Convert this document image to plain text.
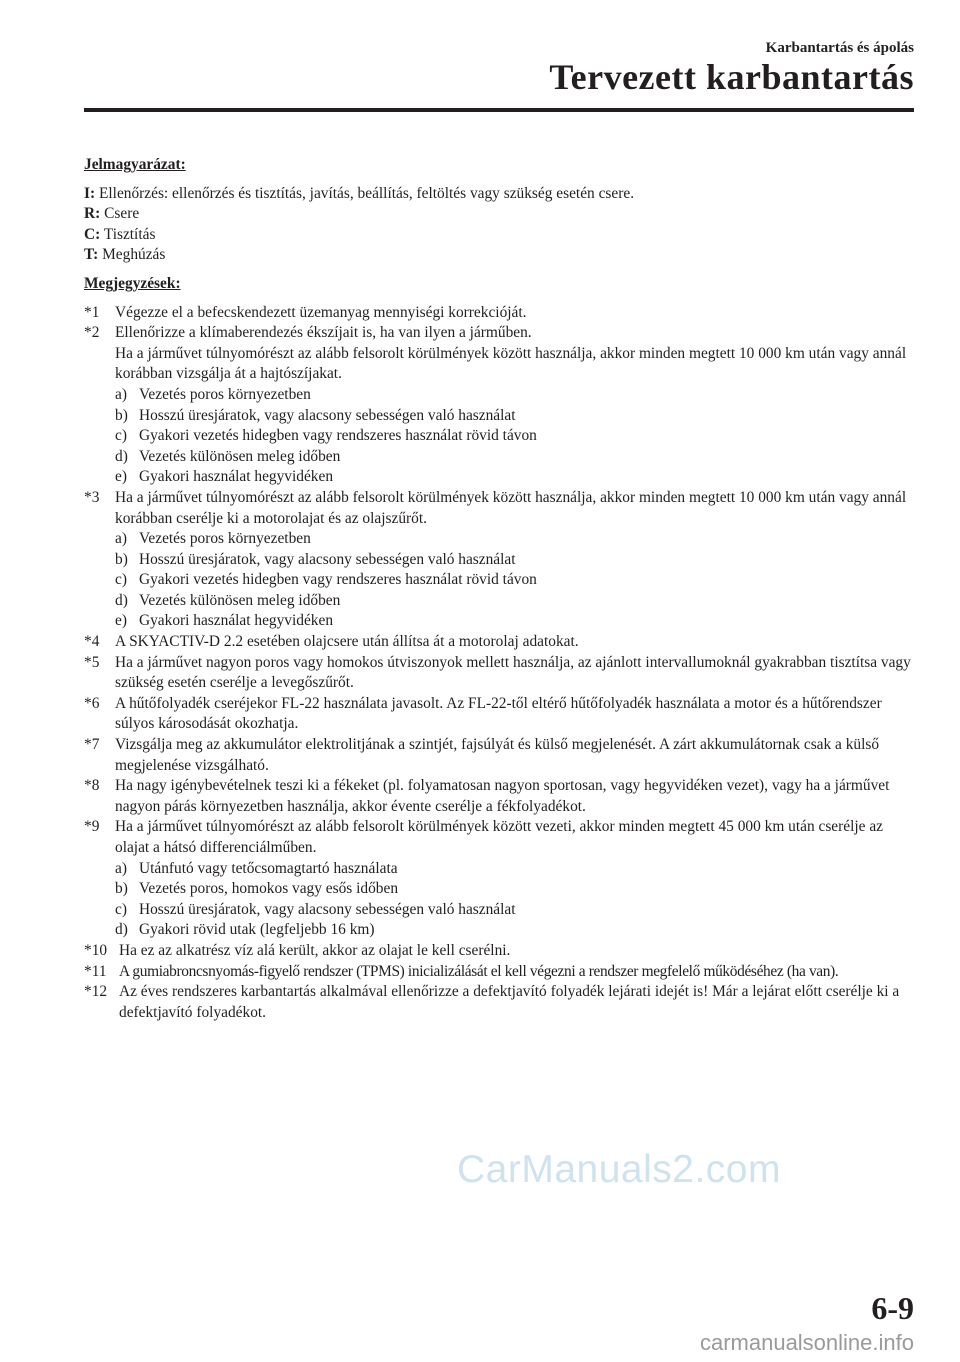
Karbantartás és ápolás
Tervezett karbantartás
Jelmagyarázat:
I: Ellenőrzés: ellenőrzés és tisztítás, javítás, beállítás, feltöltés vagy szükség esetén csere.
R: Csere
C: Tisztítás
T: Meghúzás
Megjegyzések:
*1	Végezze el a befecskendezett üzemanyag mennyiségi korrekcióját.
*2	Ellenőrizze a klímaberendezés ékszíjait is, ha van ilyen a járműben.
Ha a járművet túlnyomórészt az alább felsorolt körülmények között használja, akkor minden megtett 10 000 km után vagy annál korábban vizsgálja át a hajtószíjakat.
a) Vezetés poros környezetben
b) Hosszú üresjáratok, vagy alacsony sebességen való használat
c) Gyakori vezetés hidegben vagy rendszeres használat rövid távon
d) Vezetés különösen meleg időben
e) Gyakori használat hegyvidéken
*3	Ha a járművet túlnyomórészt az alább felsorolt körülmények között használja, akkor minden megtett 10 000 km után vagy annál korábban cserélje ki a motorolajat és az olajszűrőt.
a) Vezetés poros környezetben
b) Hosszú üresjáratok, vagy alacsony sebességen való használat
c) Gyakori vezetés hidegben vagy rendszeres használat rövid távon
d) Vezetés különösen meleg időben
e) Gyakori használat hegyvidéken
*4	A SKYACTIV-D 2.2 esetében olajcsere után állítsa át a motorolaj adatokat.
*5	Ha a járművet nagyon poros vagy homokos útviszonyok mellett használja, az ajánlott intervallumoknál gyakrabban tisztítsa vagy szükség esetén cserélje a levegőszűrőt.
*6	A hűtőfolyadék cseréjekor FL-22 használata javasolt. Az FL-22-től eltérő hűtőfolyadék használata a motor és a hűtőrendszer súlyos károsodását okozhatja.
*7	Vizsgálja meg az akkumulátor elektrolitjának a szintjét, fajsúlyát és külső megjelenését. A zárt akkumulátornak csak a külső megjelenése vizsgálható.
*8	Ha nagy igénybevételnek teszi ki a fékeket (pl. folyamatosan nagyon sportosan, vagy hegyvidéken vezet), vagy ha a járművet nagyon párás környezetben használja, akkor évente cserélje a fékfolyadékot.
*9	Ha a járművet túlnyomórészt az alább felsorolt körülmények között vezeti, akkor minden megtett 45 000 km után cserélje az olajat a hátsó differenciálműben.
a) Utánfutó vagy tetőcsomagtartó használata
b) Vezetés poros, homokos vagy esős időben
c) Hosszú üresjáratok, vagy alacsony sebességen való használat
d) Gyakori rövid utak (legfeljebb 16 km)
*10 Ha ez az alkatrész víz alá került, akkor az olajat le kell cserélni.
*11 A gumiabroncsnyomás-figyelő rendszer (TPMS) inicializálását el kell végezni a rendszer megfelelő működéséhez (ha van).
*12 Az éves rendszeres karbantartás alkalmával ellenőrizze a defektjavító folyadék lejárati idejét is! Már a lejárat előtt cserélje ki a defektjavító folyadékot.
CarManuals2.com
6-9
carmanualsonline.info
